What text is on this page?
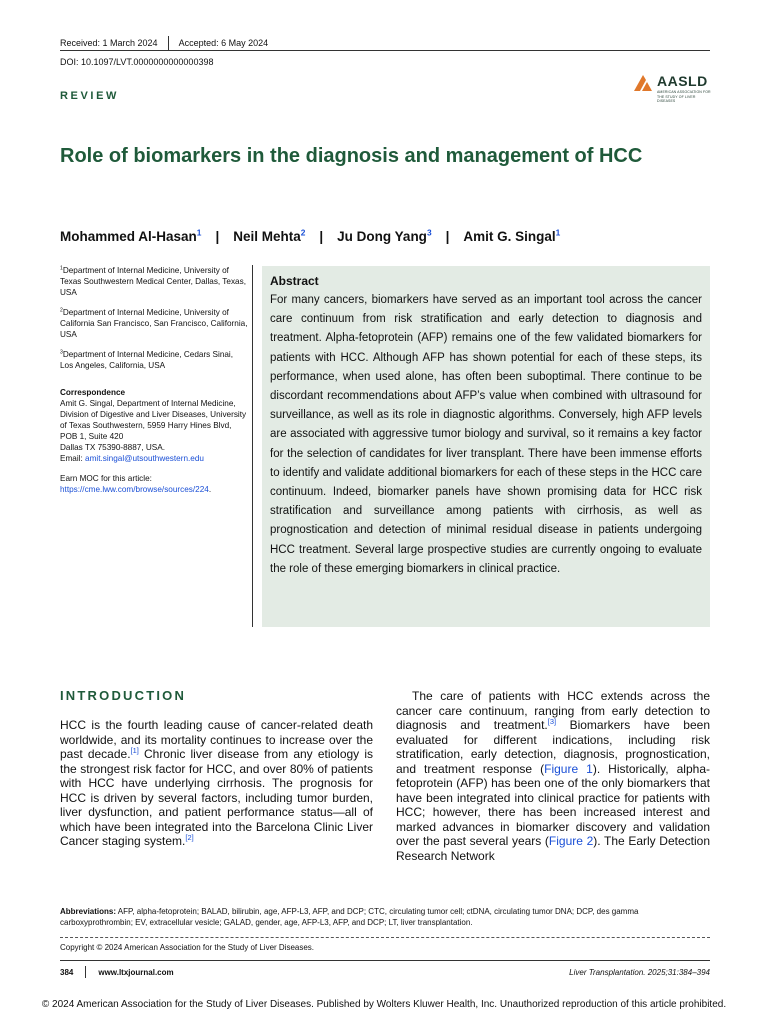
Received: 1 March 2024 Accepted: 6 May 2024
DOI: 10.1097/LVT.0000000000000398
AASLD
AMERICAN ASSOCIATION FOR THE STUDY OF LIVER DISEASES
REVIEW
Role of biomarkers in the diagnosis and management of HCC
Mohammed Al-Hasan$^1$ | Neil Mehta$^2$ | Ju Dong Yang$^3$ | Amit G. Singal$^1$

$^1$Department of Internal Medicine, University of Texas Southwestern Medical Center, Dallas, Texas, USA

$^2$Department of Internal Medicine, University of California San Francisco, San Francisco, California, USA

$^3$Department of Internal Medicine, Cedars Sinai, Los Angeles, California, USA

Correspondence

Amit G. Singal, Department of Internal Medicine, Division of Digestive and Liver Diseases, University of Texas Southwestern, 5959 Harry Hines Blvd, POB 1, Suite 420
Dallas TX 75390-8887, USA.
Email: amit.singal@utsouthwestern.edu

Earn MOC for this article: https://cme.lww.com/browse/sources/224.

Abstract

For many cancers, biomarkers have served as an important tool across the cancer care continuum from risk stratification and early detection to diagnosis and treatment. Alpha-fetoprotein (AFP) remains one of the few validated biomarkers for patients with HCC. Although AFP has shown potential for each of these steps, its performance, when used alone, has often been suboptimal. There continue to be discordant recommendations about AFP’s value when combined with ultrasound for surveillance, as well as its role in diagnostic algorithms. Conversely, high AFP levels are associated with aggressive tumor biology and survival, so it remains a key factor for the selection of candidates for liver transplant. There have been immense efforts to identify and validate additional biomarkers for each of these steps in the HCC care continuum. Indeed, biomarker panels have shown promising data for HCC risk stratification and surveillance among patients with cirrhosis, as well as prognostication and detection of minimal residual disease in patients undergoing HCC treatment. Several large prospective studies are currently ongoing to evaluate the role of these emerging biomarkers in clinical practice.

INTRODUCTION
HCC is the fourth leading cause of cancer-related death worldwide, and its mortality continues to increase over the past decade.[1] Chronic liver disease from any etiology is the strongest risk factor for HCC, and over 80% of patients with HCC have underlying cirrhosis. The prognosis for HCC is driven by several factors, including tumor burden, liver dysfunction, and patient performance status—all of which have been integrated into the Barcelona Clinic Liver Cancer staging system.[2]
The care of patients with HCC extends across the cancer care continuum, ranging from early detection to diagnosis and treatment.[3] Biomarkers have been evaluated for different indications, including risk stratification, early detection, diagnosis, prognostication, and treatment response (Figure 1). Historically, alpha-fetoprotein (AFP) has been one of the only biomarkers that have been integrated into clinical practice for patients with HCC; however, there has been increased interest and marked advances in biomarker discovery and validation over the past several years (Figure 2). The Early Detection Research Network
Abbreviations: AFP, alpha-fetoprotein; BALAD, bilirubin, age, AFP-L3, AFP, and DCP; CTC, circulating tumor cell; ctDNA, circulating tumor DNA; DCP, des gamma carboxyprothrombin; EV, extracellular vesicle; GALAD, gender, age, AFP-L3, AFP, and DCP; LT, liver transplantation.
Copyright © 2024 American Association for the Study of Liver Diseases.
384	www.ltxjournal.com	Liver Transplantation. 2025;31:384–394
© 2024 American Association for the Study of Liver Diseases. Published by Wolters Kluwer Health, Inc. Unauthorized reproduction of this article prohibited.
